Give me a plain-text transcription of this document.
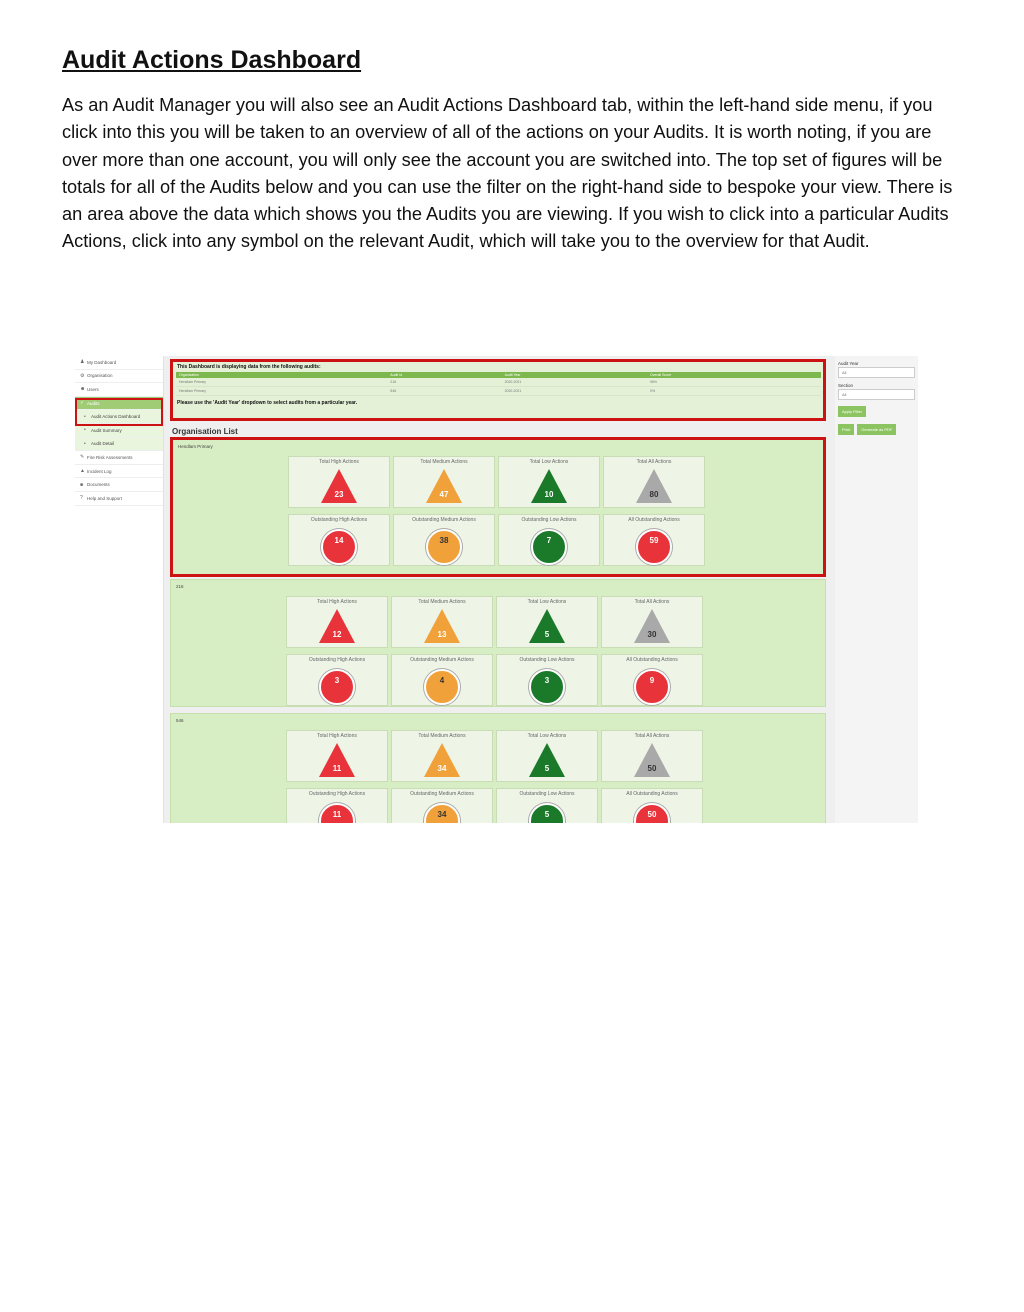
Audit Actions Dashboard

As an Audit Manager you will also see an Audit Actions Dashboard tab, within the left-hand side menu, if you click into this you will be taken to an overview of all of the actions on your Audits. It is worth noting, if you are over more than one account, you will only see the account you are switched into. The top set of figures will be totals for all of the Audits below and you can use the filter on the right-hand side to bespoke your view. There is an area above the data which shows you the Audits you are viewing. If you wish to click into a particular Audits Actions, click into any symbol on the relevant Audit, which will take you to the overview for that Audit.

♟ My Dashboard
⚙ Organisation
☻ Users
✓ Audits
•	Audit Actions Dashboard
•	Audit Summary
•	Audit Detail
✎ Fire Risk Assessments
▲ Incident Log
■ Documents
? Help and Support
This Dashboard is displaying data from the following audits:
Organisation	Audit Id	Audit Year	Overall Score
Hendlam Primary	216	2020-2021	96%
Hendlam Primary	546	2020-2021	0%
Please use the 'Audit Year' dropdown to select audits from a particular year.
Organisation List
Hendlam Primary
Total High Actions
23
Total Medium Actions
47
Total Low Actions
10
Total All Actions
80
Outstanding High Actions
14
Outstanding Medium Actions
38
Outstanding Low Actions
7
All Outstanding Actions
59
216
Total High Actions
12
Total Medium Actions
13
Total Low Actions
5
Total All Actions
30
Outstanding High Actions
3
Outstanding Medium Actions
4
Outstanding Low Actions
3
All Outstanding Actions
9
546
Total High Actions
11
Total Medium Actions
34
Total Low Actions
5
Total All Actions
50
Outstanding High Actions
11
Outstanding Medium Actions
34
Outstanding Low Actions
5
All Outstanding Actions
50
Audit Year
All
Section
All
Apply Filter
Print	Generate as PDF
